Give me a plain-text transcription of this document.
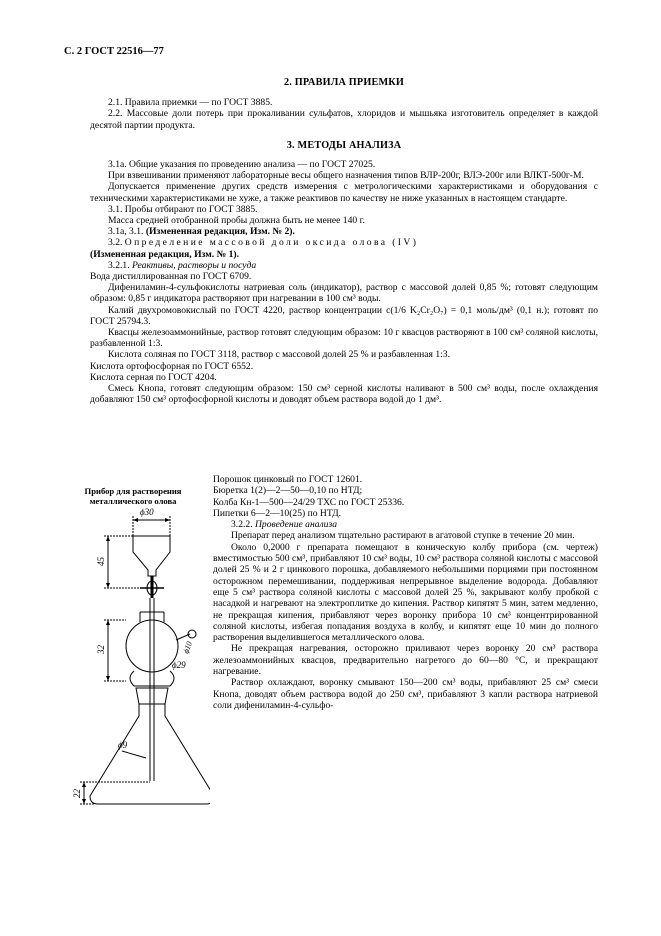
С. 2 ГОСТ 22516—77

2. ПРАВИЛА ПРИЕМКИ

2.1. Правила приемки — по ГОСТ 3885.

2.2. Массовые доли потерь при прокаливании сульфатов, хлоридов и мышьяка изготовитель определяет в каждой десятой партии продукта.

3. МЕТОДЫ АНАЛИЗА

3.1а. Общие указания по проведению анализа — по ГОСТ 27025.

При взвешивании применяют лабораторные весы общего назначения типов ВЛР-200г, ВЛЭ-200г или ВЛКТ-500г-М.

Допускается применение других средств измерения с метрологическими характеристиками и оборудования с техническими характеристиками не хуже, а также реактивов по качеству не ниже указанных в настоящем стандарте.

3.1. Пробы отбирают по ГОСТ 3885.

Масса средней отобранной пробы должна быть не менее 140 г.

3.1а, 3.1. (Измененная редакция, Изм. № 2).

3.2. Определение массовой доли оксида олова (IV)

(Измененная редакция, Изм. № 1).

3.2.1. Реактивы, растворы и посуда

Вода дистиллированная по ГОСТ 6709.

Дифениламин-4-сульфокислоты натриевая соль (индикатор), раствор с массовой долей 0,85 %; готовят следующим образом: 0,85 г индикатора растворяют при нагревании в 100 см³ воды.

Калий двухромовокислый по ГОСТ 4220, раствор концентрации c(1/6 K₂Cr₂O₇) = 0,1 моль/дм³ (0,1 н.); готовят по ГОСТ 25794.3.

Квасцы железоаммонийные, раствор готовят следующим образом: 10 г квасцов растворяют в 100 см³ соляной кислоты, разбавленной 1:3.

Кислота соляная по ГОСТ 3118, раствор с массовой долей 25 % и разбавленная 1:3.

Кислота ортофосфорная по ГОСТ 6552.

Кислота серная по ГОСТ 4204.

Смесь Кнопа, готовят следующим образом: 150 см³ серной кислоты наливают в 500 см³ воды, после охлаждения добавляют 150 см³ ортофосфорной кислоты и доводят объем раствора водой до 1 дм³.

Прибор для растворения металлического олова
ϕ30
45
ϕ10
32
ϕ29
ϕ9
22

Порошок цинковый по ГОСТ 12601.

Бюретка 1(2)—2—50—0,10 по НТД;

Колба Кн-1—500—24/29 ТХС по ГОСТ 25336.

Пипетки 6—2—10(25) по НТД.

3.2.2. Проведение анализа

Препарат перед анализом тщательно растирают в агатовой ступке в течение 20 мин.

Около 0,2000 г препарата помещают в коническую колбу прибора (см. чертеж) вместимостью 500 см³, прибавляют 10 см³ воды, 10 см³ раствора соляной кислоты с массовой долей 25 % и 2 г цинкового порошка, добавляемого небольшими порциями при постоянном осторожном перемешивании, поддерживая непрерывное выделение водорода. Добавляют еще 5 см³ раствора соляной кислоты с массовой долей 25 %, закрывают колбу пробкой с насадкой и нагревают на электроплитке до кипения. Раствор кипятят 5 мин, затем медленно, не прекращая кипения, прибавляют через воронку прибора 10 см³ концентрированной соляной кислоты, избегая попадания воздуха в колбу, и кипятят еще 10 мин до полного растворения выделившегося металлического олова.

Не прекращая нагревания, осторожно приливают через воронку 20 см³ раствора железоаммонийных квасцов, предварительно нагретого до 60—80 °С, и прекращают нагревание.

Раствор охлаждают, воронку смывают 150—200 см³ воды, прибавляют 25 см³ смеси Кнопа, доводят объем раствора водой до 250 см³, прибавляют 3 капли раствора натриевой соли дифениламин-4-сульфо-
